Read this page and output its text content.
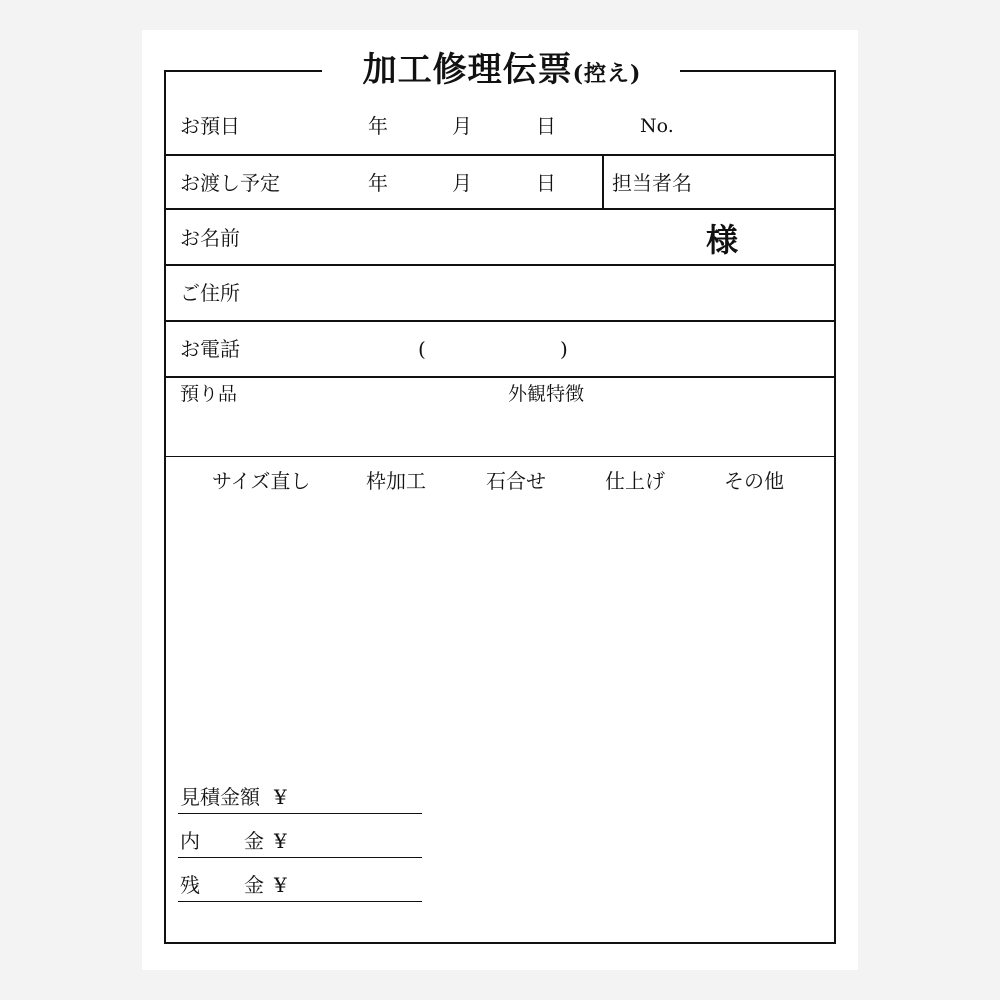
加工修理伝票(控え)
お預日	年	月	日	No.
お渡し予定	年	月	日	担当者名
お名前	様
ご住所
お電話	(	)
預り品	外観特徴
サイズ直し	枠加工	石合せ	仕上げ	その他
見積金額 ¥
内 金 ¥
残 金 ¥
